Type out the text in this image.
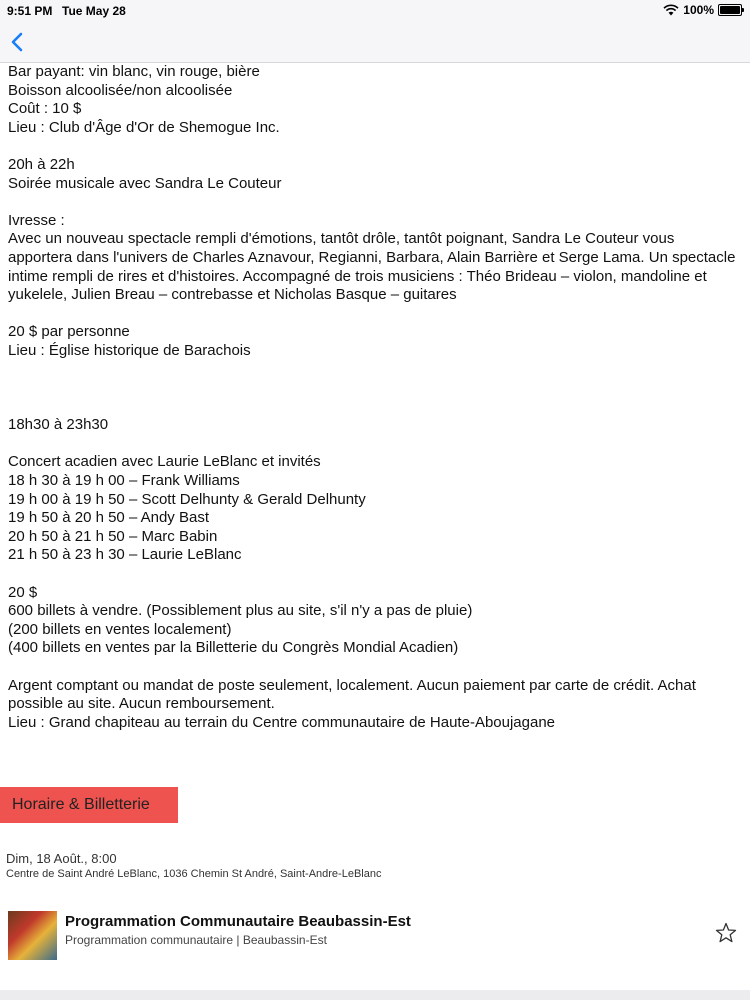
9:51 PM Tue May 28	100%

Bar payant: vin blanc, vin rouge, bière

Boisson alcoolisée/non alcoolisée

Coût : 10 $

Lieu : Club d'Âge d'Or de Shemogue Inc.

20h à 22h

Soirée musicale avec Sandra Le Couteur

Ivresse :

Avec un nouveau spectacle rempli d'émotions, tantôt drôle, tantôt poignant, Sandra Le Couteur vous apportera dans l'univers de Charles Aznavour, Regianni, Barbara, Alain Barrière et Serge Lama. Un spectacle intime rempli de rires et d'histoires. Accompagné de trois musiciens : Théo Brideau – violon, mandoline et yukelele, Julien Breau – contrebasse et Nicholas Basque – guitares

20 $ par personne

Lieu : Église historique de Barachois

18h30 à 23h30

Concert acadien avec Laurie LeBlanc et invités

18 h 30 à 19 h 00 – Frank Williams

19 h 00 à 19 h 50 – Scott Delhunty & Gerald Delhunty

19 h 50 à 20 h 50 – Andy Bast

20 h 50 à 21 h 50 – Marc Babin

21 h 50 à 23 h 30 – Laurie LeBlanc

20 $

600 billets à vendre. (Possiblement plus au site, s'il n'y a pas de pluie)

(200 billets en ventes localement)

(400 billets en ventes par la Billetterie du Congrès Mondial Acadien)

Argent comptant ou mandat de poste seulement, localement. Aucun paiement par carte de crédit. Achat possible au site. Aucun remboursement.

Lieu : Grand chapiteau au terrain du Centre communautaire de Haute-Aboujagane

Horaire & Billetterie
Dim, 18 Août., 8:00
Centre de Saint André LeBlanc, 1036 Chemin St André, Saint-Andre-LeBlanc
Programmation Communautaire Beaubassin-Est
Programmation communautaire | Beaubassin-Est
